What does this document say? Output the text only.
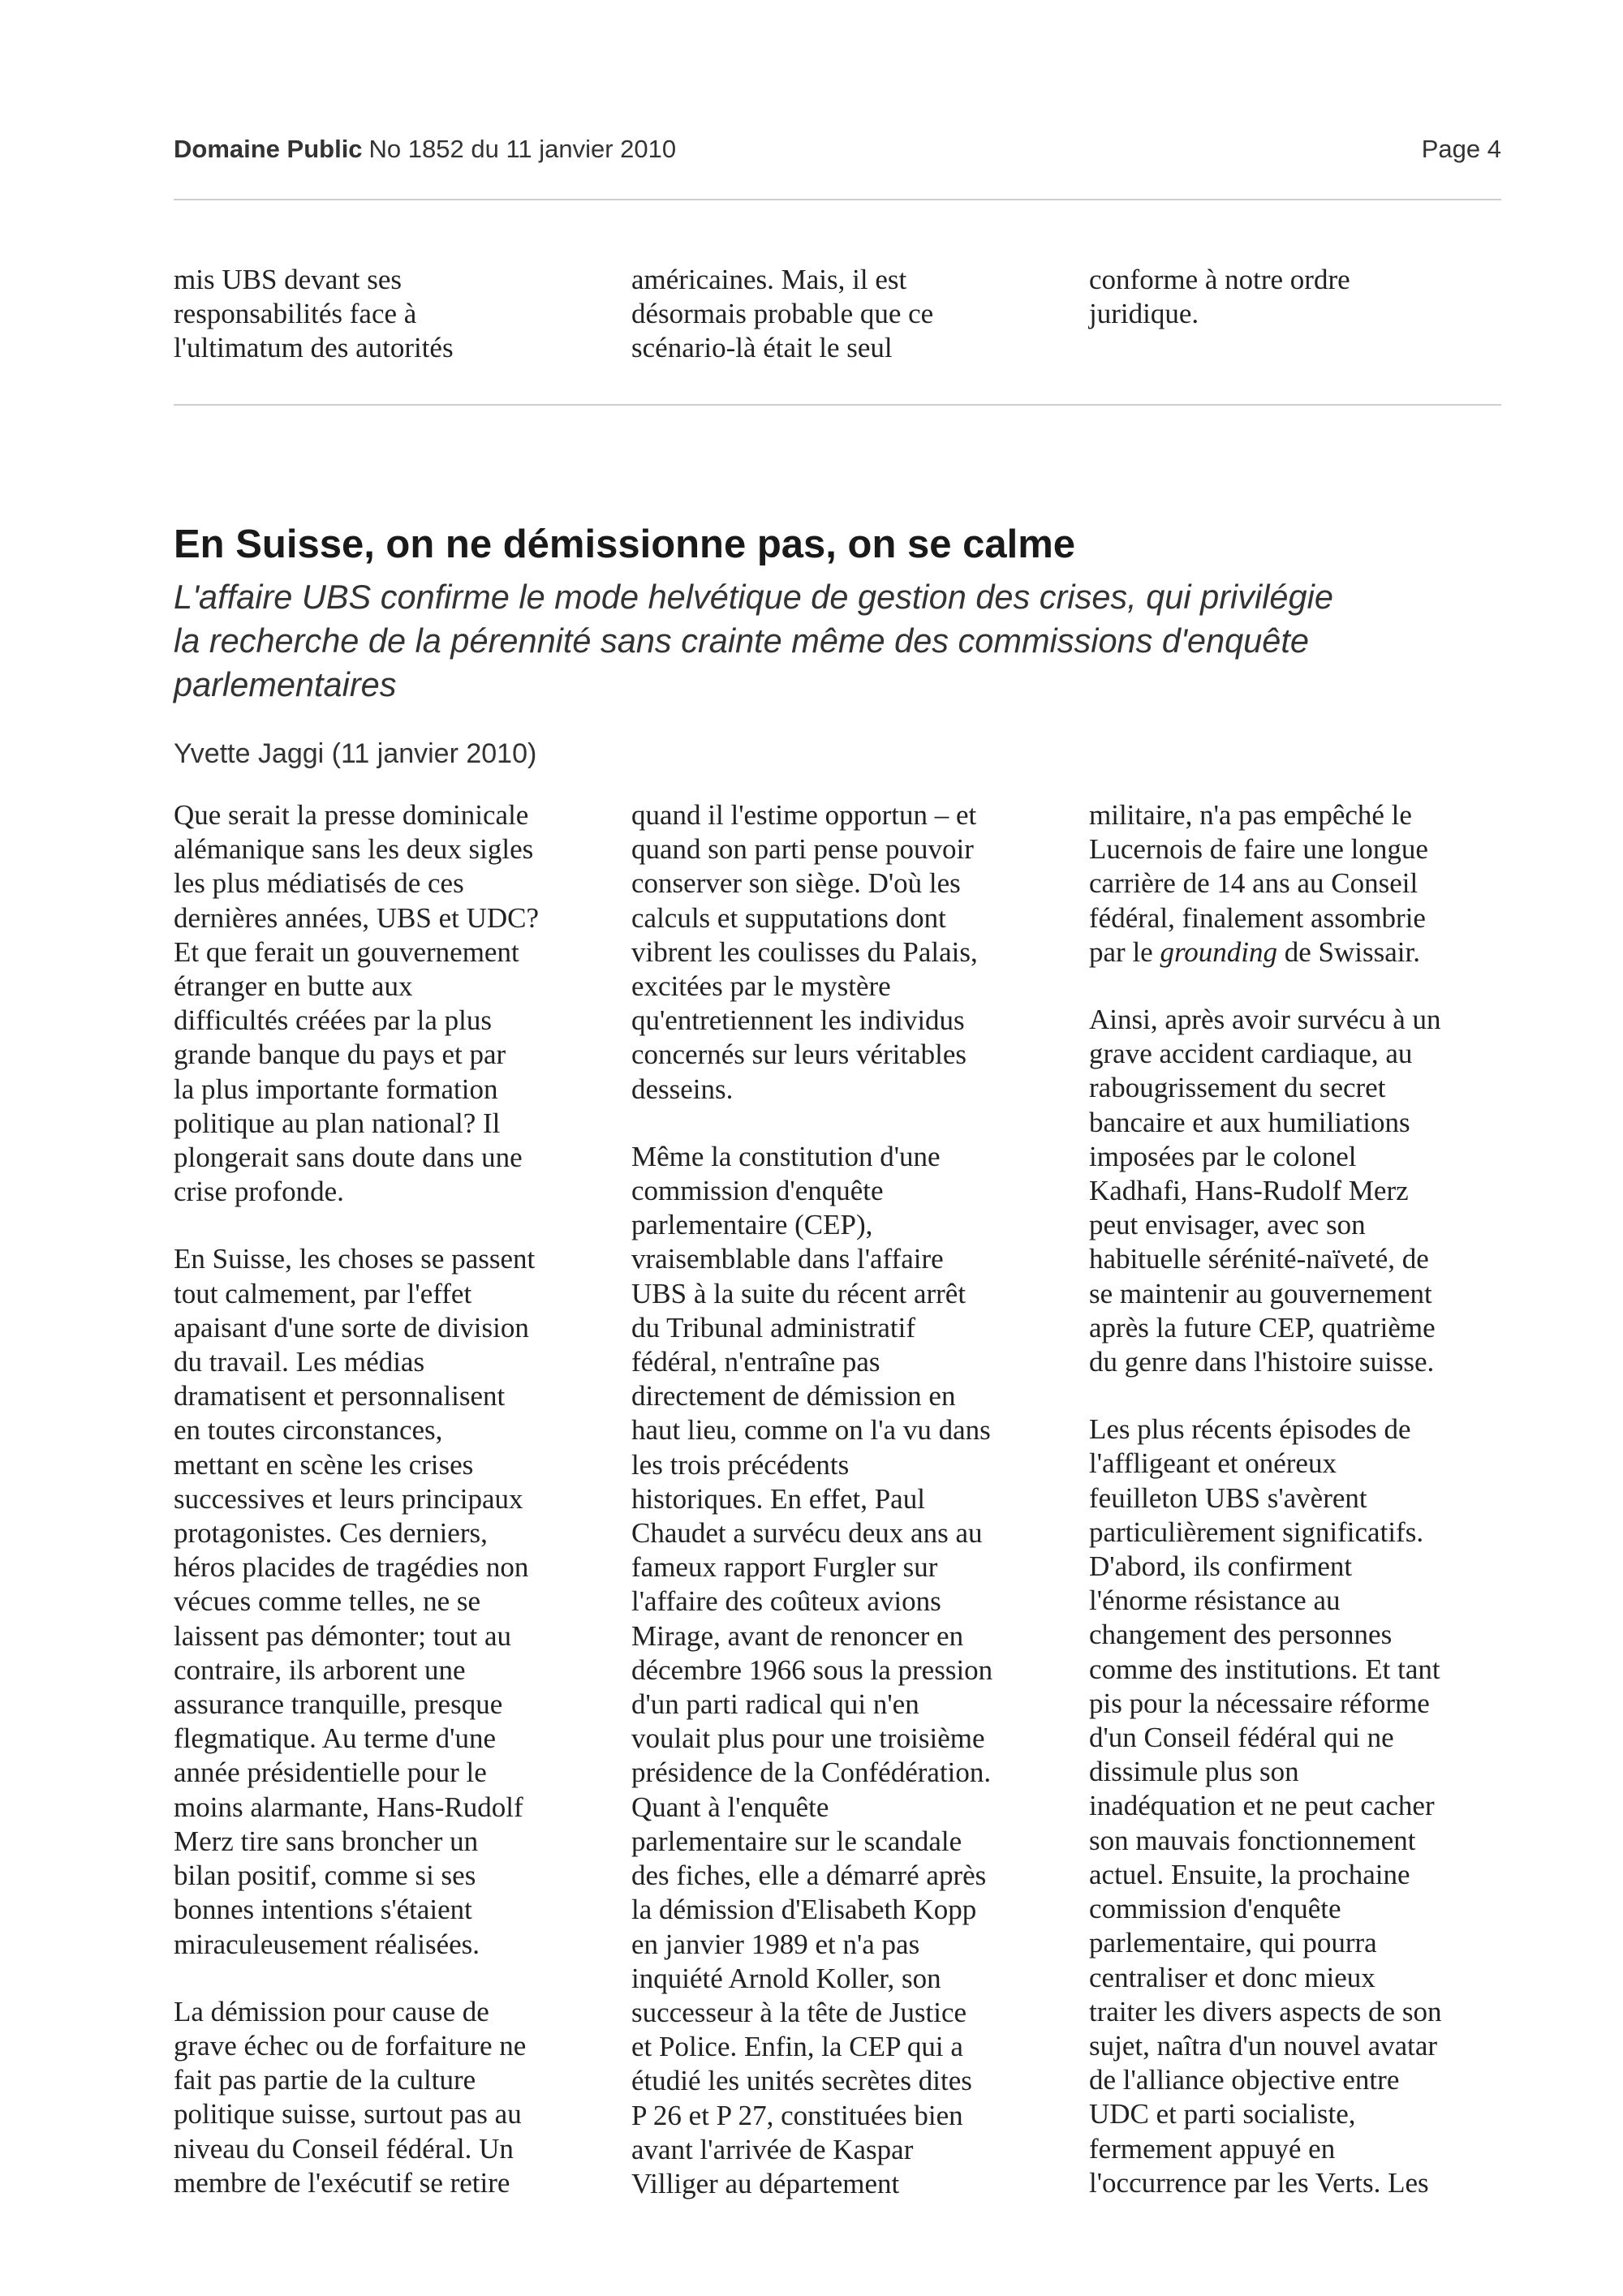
Domaine Public No 1852 du 11 janvier 2010	Page 4

mis UBS devant ses
responsabilités face à
l'ultimatum des autorités

américaines. Mais, il est
désormais probable que ce
scénario-là était le seul

conforme à notre ordre
juridique.

En Suisse, on ne démissionne pas, on se calme
L'affaire UBS confirme le mode helvétique de gestion des crises, qui privilégie
la recherche de la pérennité sans crainte même des commissions d'enquête
parlementaires
Yvette Jaggi (11 janvier 2010)

Que serait la presse dominicale
alémanique sans les deux sigles
les plus médiatisés de ces
dernières années, UBS et UDC?
Et que ferait un gouvernement
étranger en butte aux
difficultés créées par la plus
grande banque du pays et par
la plus importante formation
politique au plan national? Il
plongerait sans doute dans une
crise profonde.

En Suisse, les choses se passent
tout calmement, par l'effet
apaisant d'une sorte de division
du travail. Les médias
dramatisent et personnalisent
en toutes circonstances,
mettant en scène les crises
successives et leurs principaux
protagonistes. Ces derniers,
héros placides de tragédies non
vécues comme telles, ne se
laissent pas démonter; tout au
contraire, ils arborent une
assurance tranquille, presque
flegmatique. Au terme d'une
année présidentielle pour le
moins alarmante, Hans-Rudolf
Merz tire sans broncher un
bilan positif, comme si ses
bonnes intentions s'étaient
miraculeusement réalisées.

La démission pour cause de
grave échec ou de forfaiture ne
fait pas partie de la culture
politique suisse, surtout pas au
niveau du Conseil fédéral. Un
membre de l'exécutif se retire

quand il l'estime opportun – et
quand son parti pense pouvoir
conserver son siège. D'où les
calculs et supputations dont
vibrent les coulisses du Palais,
excitées par le mystère
qu'entretiennent les individus
concernés sur leurs véritables
desseins.

Même la constitution d'une
commission d'enquête
parlementaire (CEP),
vraisemblable dans l'affaire
UBS à la suite du récent arrêt
du Tribunal administratif
fédéral, n'entraîne pas
directement de démission en
haut lieu, comme on l'a vu dans
les trois précédents
historiques. En effet, Paul
Chaudet a survécu deux ans au
fameux rapport Furgler sur
l'affaire des coûteux avions
Mirage, avant de renoncer en
décembre 1966 sous la pression
d'un parti radical qui n'en
voulait plus pour une troisième
présidence de la Confédération.
Quant à l'enquête
parlementaire sur le scandale
des fiches, elle a démarré après
la démission d'Elisabeth Kopp
en janvier 1989 et n'a pas
inquiété Arnold Koller, son
successeur à la tête de Justice
et Police. Enfin, la CEP qui a
étudié les unités secrètes dites
P 26 et P 27, constituées bien
avant l'arrivée de Kaspar
Villiger au département

militaire, n'a pas empêché le
Lucernois de faire une longue
carrière de 14 ans au Conseil
fédéral, finalement assombrie
par le grounding de Swissair.

Ainsi, après avoir survécu à un
grave accident cardiaque, au
rabougrissement du secret
bancaire et aux humiliations
imposées par le colonel
Kadhafi, Hans-Rudolf Merz
peut envisager, avec son
habituelle sérénité-naïveté, de
se maintenir au gouvernement
après la future CEP, quatrième
du genre dans l'histoire suisse.

Les plus récents épisodes de
l'affligeant et onéreux
feuilleton UBS s'avèrent
particulièrement significatifs.
D'abord, ils confirment
l'énorme résistance au
changement des personnes
comme des institutions. Et tant
pis pour la nécessaire réforme
d'un Conseil fédéral qui ne
dissimule plus son
inadéquation et ne peut cacher
son mauvais fonctionnement
actuel. Ensuite, la prochaine
commission d'enquête
parlementaire, qui pourra
centraliser et donc mieux
traiter les divers aspects de son
sujet, naîtra d'un nouvel avatar
de l'alliance objective entre
UDC et parti socialiste,
fermement appuyé en
l'occurrence par les Verts. Les
